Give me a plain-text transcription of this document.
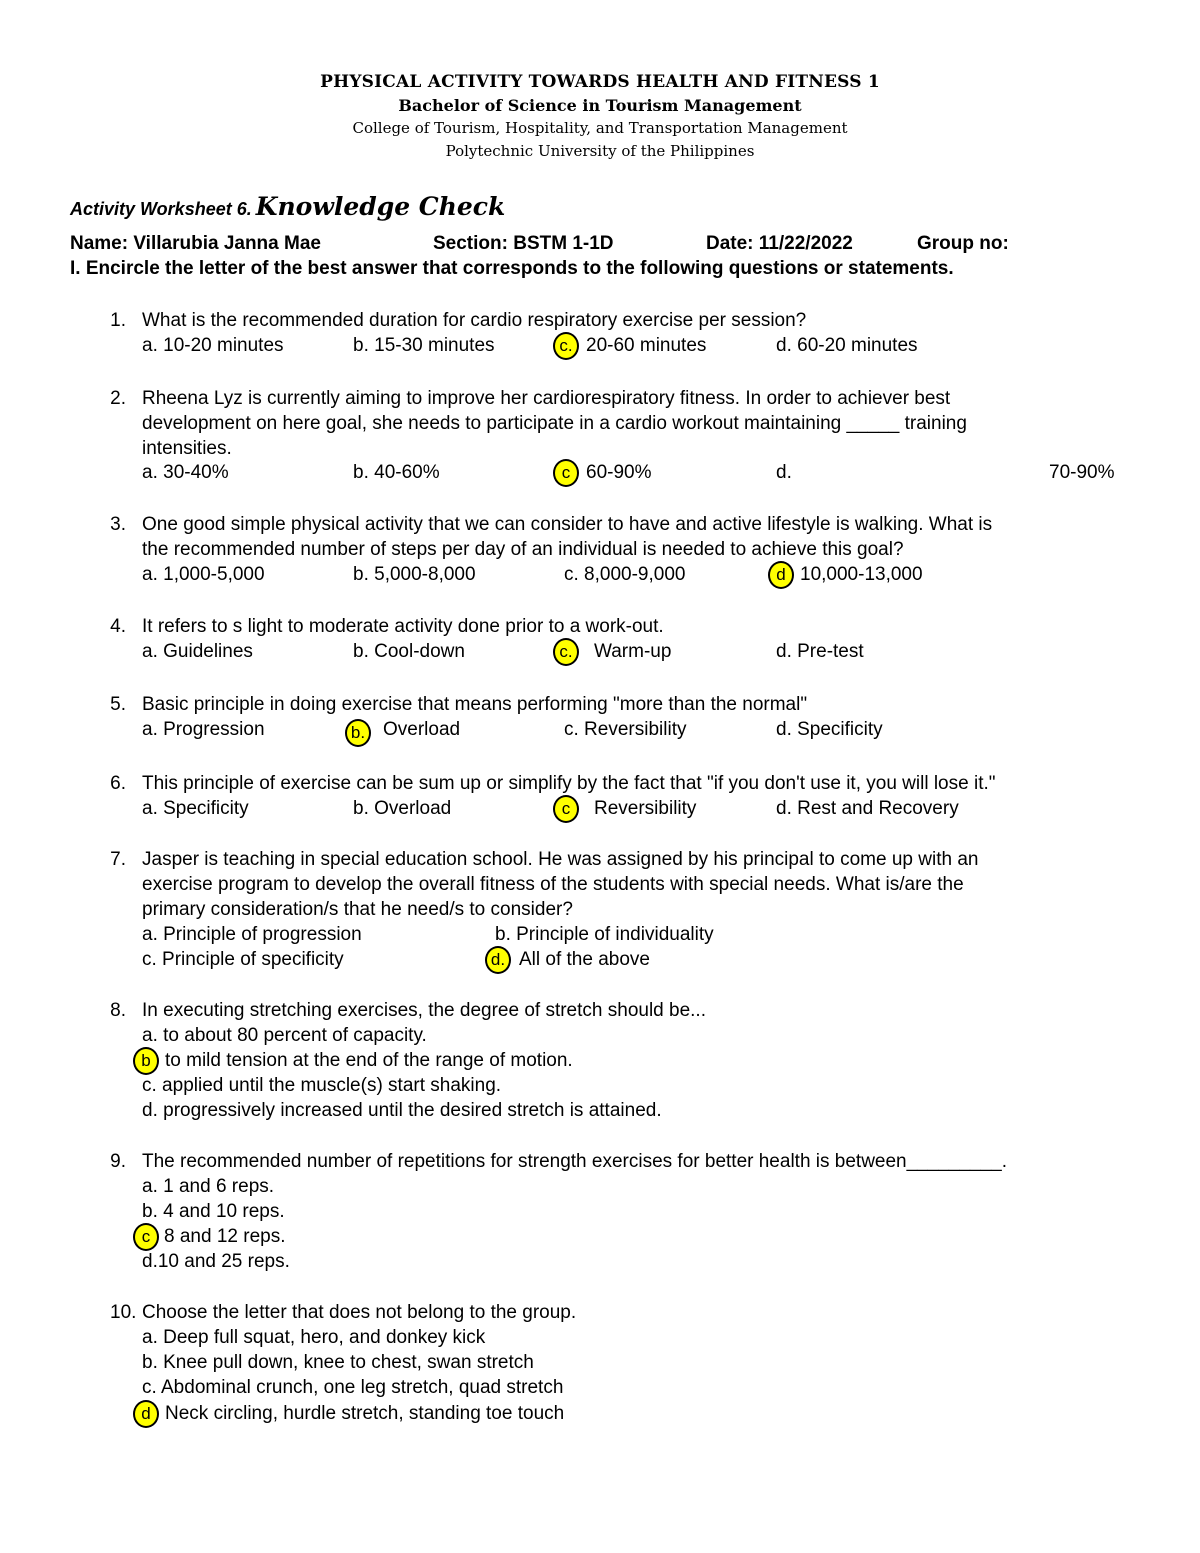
PHYSICAL ACTIVITY TOWARDS HEALTH AND FITNESS 1
Bachelor of Science in Tourism Management
College of Tourism, Hospitality, and Transportation Management
Polytechnic University of the Philippines
Activity Worksheet 6. Knowledge Check
Name: Villarubia Janna Mae	Section: BSTM 1-1D	Date: 11/22/2022	Group no:
I. Encircle the letter of the best answer that corresponds to the following questions or statements.
1. What is the recommended duration for cardio respiratory exercise per session?
a. 10-20 minutes	b. 15-30 minutes	c. 20-60 minutes	d. 60-20 minutes
2. Rheena Lyz is currently aiming to improve her cardiorespiratory fitness. In order to achiever best
development on here goal, she needs to participate in a cardio workout maintaining _____ training
intensities.
a. 30-40%	b. 40-60%	c 60-90%	d.	70-90%
3. One good simple physical activity that we can consider to have and active lifestyle is walking. What is
the recommended number of steps per day of an individual is needed to achieve this goal?
a. 1,000-5,000	b. 5,000-8,000	c. 8,000-9,000	d 10,000-13,000
4. It refers to s light to moderate activity done prior to a work-out.
a. Guidelines	b. Cool-down	c.	Warm-up	d. Pre-test
5. Basic principle in doing exercise that means performing "more than the normal"
a. Progression	b. Overload	c. Reversibility	d. Specificity
6. This principle of exercise can be sum up or simplify by the fact that "if you don't use it, you will lose it."
a. Specificity	b. Overload	c	Reversibility	d. Rest and Recovery
7. Jasper is teaching in special education school. He was assigned by his principal to come up with an
exercise program to develop the overall fitness of the students with special needs. What is/are the
primary consideration/s that he need/s to consider?
a. Principle of progression	b. Principle of individuality
c. Principle of specificity	d. All of the above
8. In executing stretching exercises, the degree of stretch should be...
a. to about 80 percent of capacity.
b to mild tension at the end of the range of motion.
c. applied until the muscle(s) start shaking.
d. progressively increased until the desired stretch is attained.
9. The recommended number of repetitions for strength exercises for better health is between_________.
a. 1 and 6 reps.
b. 4 and 10 reps.
c 8 and 12 reps.
d.10 and 25 reps.
10. Choose the letter that does not belong to the group.
a. Deep full squat, hero, and donkey kick
b. Knee pull down, knee to chest, swan stretch
c. Abdominal crunch, one leg stretch, quad stretch
d Neck circling, hurdle stretch, standing toe touch
